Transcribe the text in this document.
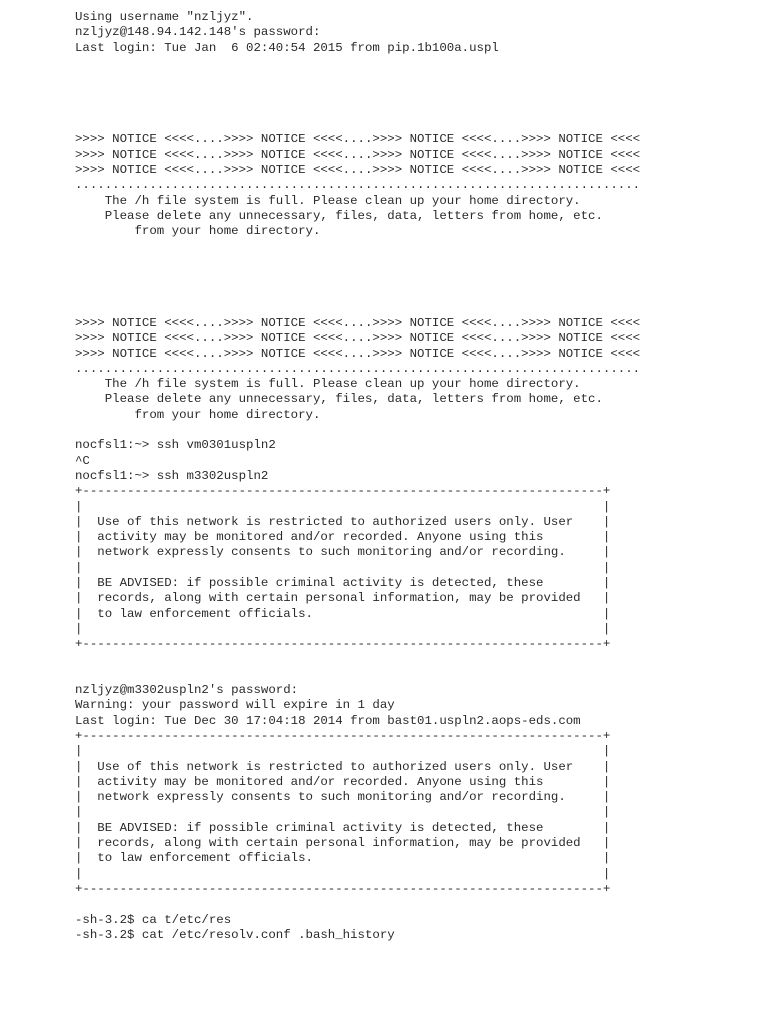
Using username "nzljyz".
nzljyz@148.94.142.148's password:
Last login: Tue Jan  6 02:40:54 2015 from pip.1b100a.uspl
>>>> NOTICE <<<<....>>>> NOTICE <<<<....>>>> NOTICE <<<<....>>>> NOTICE <<<<
>>>> NOTICE <<<<....>>>> NOTICE <<<<....>>>> NOTICE <<<<....>>>> NOTICE <<<<
>>>> NOTICE <<<<....>>>> NOTICE <<<<....>>>> NOTICE <<<<....>>>> NOTICE <<<<
............................................................................
The /h file system is full. Please clean up your home directory.
Please delete any unnecessary, files, data, letters from home, etc.
from your home directory.
>>>> NOTICE <<<<....>>>> NOTICE <<<<....>>>> NOTICE <<<<....>>>> NOTICE <<<<
>>>> NOTICE <<<<....>>>> NOTICE <<<<....>>>> NOTICE <<<<....>>>> NOTICE <<<<
>>>> NOTICE <<<<....>>>> NOTICE <<<<....>>>> NOTICE <<<<....>>>> NOTICE <<<<
............................................................................
The /h file system is full. Please clean up your home directory.
Please delete any unnecessary, files, data, letters from home, etc.
from your home directory.
nocfsl1:~> ssh vm0301uspln2
^C
nocfsl1:~> ssh m3302uspln2
+----------------------------------------------------------------------+
|                                                                      |
|  Use of this network is restricted to authorized users only. User    |
|  activity may be monitored and/or recorded. Anyone using this        |
|  network expressly consents to such monitoring and/or recording.     |
|                                                                      |
|  BE ADVISED: if possible criminal activity is detected, these        |
|  records, along with certain personal information, may be provided   |
|  to law enforcement officials.                                       |
|                                                                      |
+----------------------------------------------------------------------+
nzljyz@m3302uspln2's password:
Warning: your password will expire in 1 day
Last login: Tue Dec 30 17:04:18 2014 from bast01.uspln2.aops-eds.com
+----------------------------------------------------------------------+
|                                                                      |
|  Use of this network is restricted to authorized users only. User    |
|  activity may be monitored and/or recorded. Anyone using this        |
|  network expressly consents to such monitoring and/or recording.     |
|                                                                      |
|  BE ADVISED: if possible criminal activity is detected, these        |
|  records, along with certain personal information, may be provided   |
|  to law enforcement officials.                                       |
|                                                                      |
+----------------------------------------------------------------------+
-sh-3.2$ ca t/etc/res
-sh-3.2$ cat /etc/resolv.conf .bash_history
